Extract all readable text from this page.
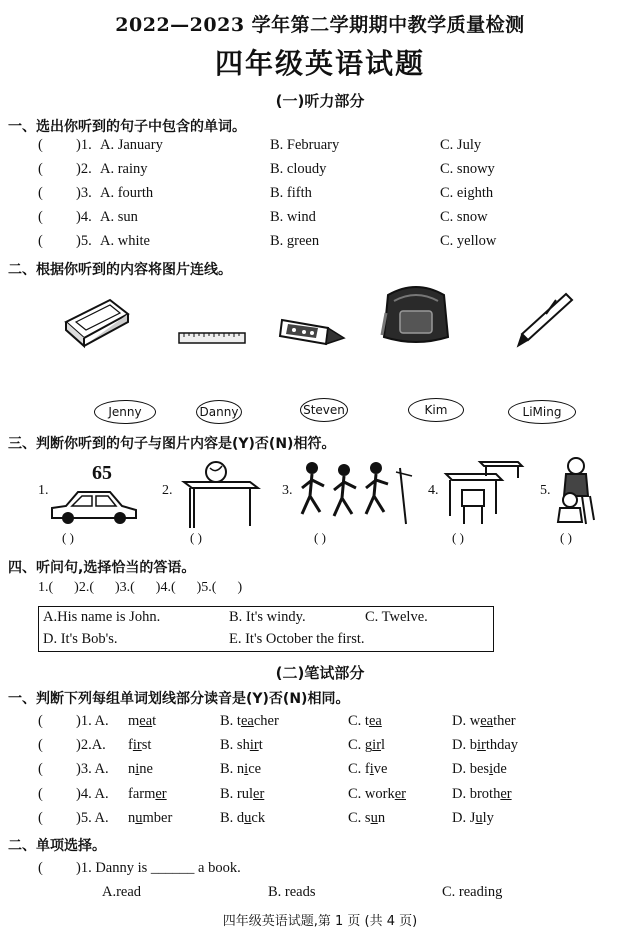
2022—2023 学年第二学期期中教学质量检测
四年级英语试题
(一)听力部分
一、选出你听到的句子中包含的单词。
( )1. A. January	B. February	C. July
( )2. A. rainy	B. cloudy	C. snowy
( )3. A. fourth	B. fifth	C. eighth
( )4. A. sun	B. wind	C. snow
( )5. A. white	B. green	C. yellow
二、根据你听到的内容将图片连线。
Jenny	Danny	Steven	Kim	LiMing
三、判断你听到的句子与图片内容是(Y)否(N)相符。
1.
65
( )
2.
( )
3.
( )
4.
( )
5.
( )
四、听问句,选择恰当的答语。
1.(      )2.(      )3.(      )4.(      )5.(      )
A.His name is John.	B. It's windy.	C. Twelve.
D. It's Bob's.	E. It's October the first.
(二)笔试部分
一、判断下列每组单词划线部分读音是(Y)否(N)相同。
( )1. A. meat	B. teacher	C. tea	D. weather
( )2.A. first	B. shirt	C. girl	D. birthday
( )3. A. nine	B. nice	C. five	D. beside
( )4. A. farmer	B. ruler	C. worker	D. brother
( )5. A. number	B. duck	C. sun	D. July
二、单项选择。
( )1. Danny is ______ a book.
A.read	B. reads	C. reading
四年级英语试题,第 1 页 (共 4 页)
